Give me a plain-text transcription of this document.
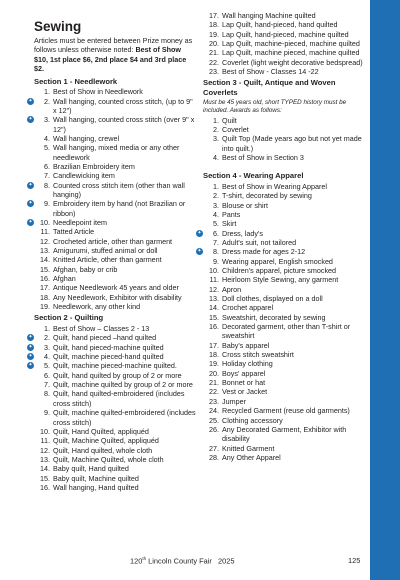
Sewing

Articles must be entered between Prize money as follows unless otherwise noted: Best of Show $10, 1st place $6, 2nd place $4 and 3rd place $2.

Section 1 - Needlework
1. Best of Show in Needlework
✦	2. Wall hanging, counted cross stitch, (up to 9" x 12")
✦	3. Wall hanging, counted cross stitch (over 9" x 12")
4. Wall hanging, crewel
5. Wall hanging, mixed media or any other needlework
6. Brazilian Embroidery item
7. Candlewicking item
✦	8. Counted cross stitch item (other than wall hanging)
✦	9. Embroidery item by hand (not Brazilian or ribbon)
✦	10. Needlepoint item
11. Tatted Article
12. Crocheted article, other than garment
13. Amigurumi, stuffed animal or doll
14. Knitted Article, other than garment
15. Afghan, baby or crib
16. Afghan
17. Antique Needlework 45 years and older
18. Any Needlework, Exhibitor with disability
19. Needlework, any other kind
Section 2 - Quilting
1. Best of Show – Classes 2 - 13
✦	2. Quilt, hand pieced –hand quilted
✦	3. Quilt, hand pieced-machine quilted
✦	4. Quilt, machine pieced-hand quilted
✦	5. Quilt, machine pieced-machine quilted.
6. Quilt, hand quilted by group of 2 or more
7. Quilt, machine quilted by group of 2 or more
8. Quilt, hand quilted-embroidered (includes cross stitch)
9. Quilt, machine quilted-embroidered (includes cross stitch)
10. Quilt, Hand Quilted, appliquéd
11. Quilt, Machine Quilted, appliquéd
12. Quilt, Hand quilted, whole cloth
13. Quilt, Machine Quilted, whole cloth
14. Baby quilt, Hand quilted
15. Baby quilt, Machine quilted
16. Wall hanging, Hand quilted
17. Wall hanging Machine quilted
18. Lap Quilt, hand-pieced, hand quilted
19. Lap Quilt, hand-pieced, machine quilted
20. Lap Quilt, machine-pieced, machine quilted
21. Lap Quilt, machine pieced, machine quilted
22. Coverlet (light weight decorative bedspread)
23. Best of Show - Classes 14 -22
Section 3 - Quilt, Antique and Woven Coverlets

Must be 45 years old, short TYPED history must be included. Awards as follows:

1. Quilt
2. Coverlet
3. Quilt Top (Made years ago but not yet made into quilt.)
4. Best of Show in Section 3
Section 4 - Wearing Apparel
1. Best of Show in Wearing Apparel
2. T-shirt, decorated by sewing
3. Blouse or shirt
4. Pants
5. Skirt
✦	6. Dress, lady's
7. Adult's suit, not tailored
✦	8. Dress made for ages 2-12
9. Wearing apparel, English smocked
10. Children's apparel, picture smocked
11. Heirloom Style Sewing, any garment
12. Apron
13. Doll clothes, displayed on a doll
14. Crochet apparel
15. Sweatshirt, decorated by sewing
16. Decorated garment, other than T-shirt or sweatshirt
17. Baby's apparel
18. Cross stitch sweatshirt
19. Holiday clothing
20. Boys' apparel
21. Bonnet or hat
22. Vest or Jacket
23. Jumper
24. Recycled Garment (reuse old garments)
25. Clothing accessory
26. Any Decorated Garment, Exhibitor with disability
27. Knitted Garment
28. Any Other Apparel
120th Lincoln County Fair 2025	125
